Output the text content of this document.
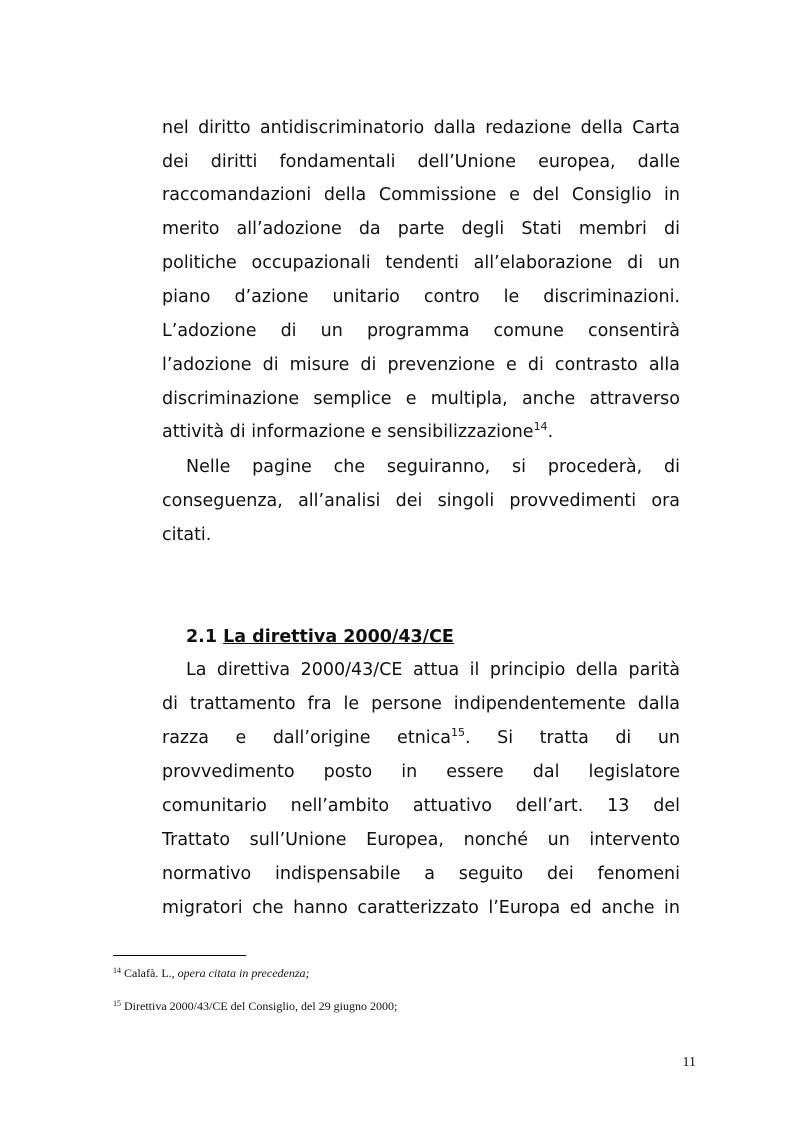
nel diritto antidiscriminatorio dalla redazione della Carta
dei diritti fondamentali dell’Unione europea, dalle
raccomandazioni della Commissione e del Consiglio in
merito all’adozione da parte degli Stati membri di
politiche occupazionali tendenti all’elaborazione di un
piano d’azione unitario contro le discriminazioni.
L’adozione di un programma comune consentirà
l’adozione di misure di prevenzione e di contrasto alla
discriminazione semplice e multipla, anche attraverso
attività di informazione e sensibilizzazione$^{14}$.
Nelle pagine che seguiranno, si procederà, di
conseguenza, all’analisi dei singoli provvedimenti ora
citati.
2.1 La direttiva 2000/43/CE
La direttiva 2000/43/CE attua il principio della parità
di trattamento fra le persone indipendentemente dalla
razza e dall’origine etnica$^{15}$. Si tratta di un
provvedimento posto in essere dal legislatore
comunitario nell’ambito attuativo dell’art. 13 del
Trattato sull’Unione Europea, nonché un intervento
normativo indispensabile a seguito dei fenomeni
migratori che hanno caratterizzato l’Europa ed anche in
$^{14}$ Calafà. L., opera citata in precedenza;
$^{15}$ Direttiva 2000/43/CE del Consiglio, del 29 giugno 2000;
11
